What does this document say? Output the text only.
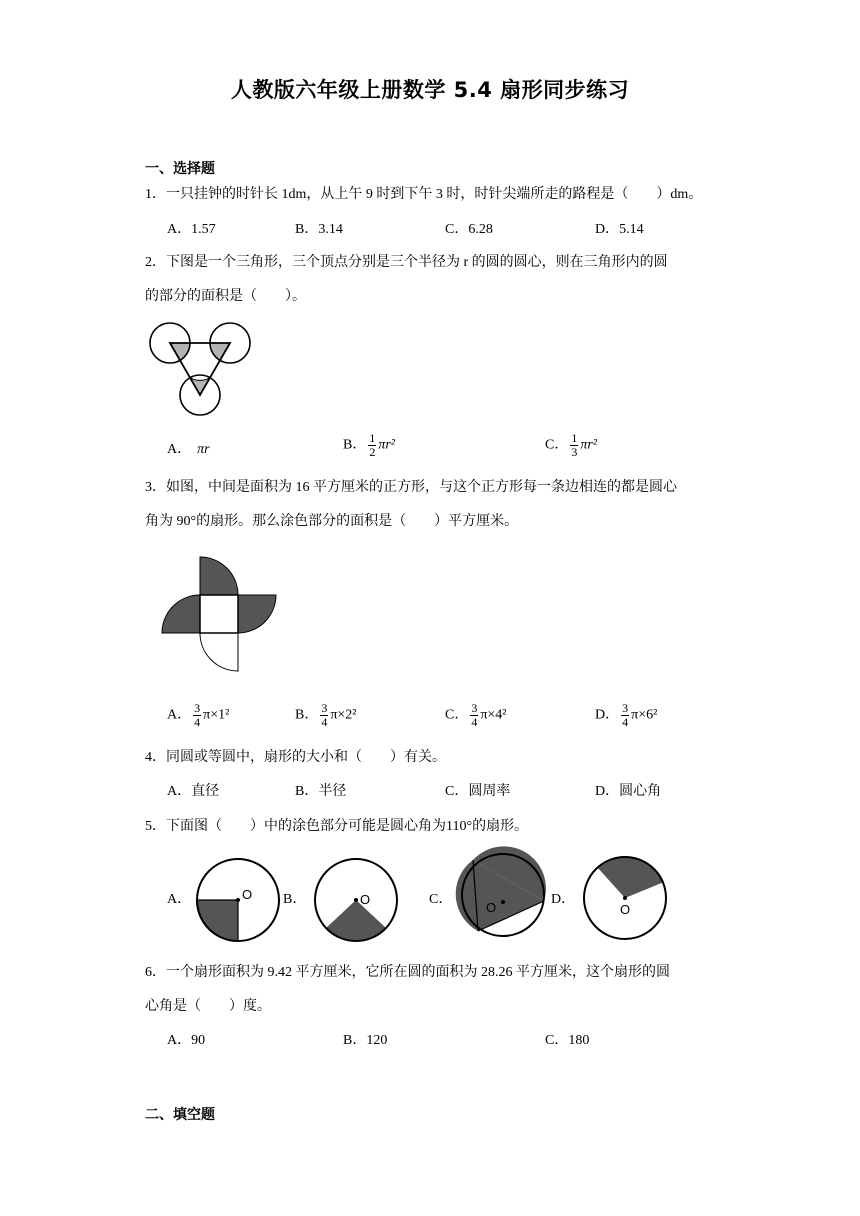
人教版六年级上册数学 5.4 扇形同步练习
一、选择题
1．一只挂钟的时针长 1dm，从上午 9 时到下午 3 时，时针尖端所走的路程是（　　）dm。
A．1.57	B．3.14	C．6.28	D．5.14
2．下图是一个三角形，三个顶点分别是三个半径为 r 的圆的圆心，则在三角形内的圆
的部分的面积是（　　）。
A． πr	B． $\frac{1}{2} \pi r^2$	C． $\frac{1}{3} \pi r^2$
3．如图，中间是面积为 16 平方厘米的正方形，与这个正方形每一条边相连的都是圆心
角为 90°的扇形。那么涂色部分的面积是（　　）平方厘米。
A． $\frac{3}{4} \pi\times 1^2$	B． $\frac{3}{4} \pi\times 2^2$	C． $\frac{3}{4} \pi\times 4^2$	D． $\frac{3}{4} \pi\times 6^2$
4．同圆或等圆中，扇形的大小和（　　）有关。
A．直径	B．半径	C．圆周率	D．圆心角
5．下面图（　　）中的涂色部分可能是圆心角为110°的扇形。
A．	O B．	O	C．
O
D．
O
6．一个扇形面积为 9.42 平方厘米，它所在圆的面积为 28.26 平方厘米，这个扇形的圆
心角是（　　）度。
A．90	B．120	C．180
二、填空题
